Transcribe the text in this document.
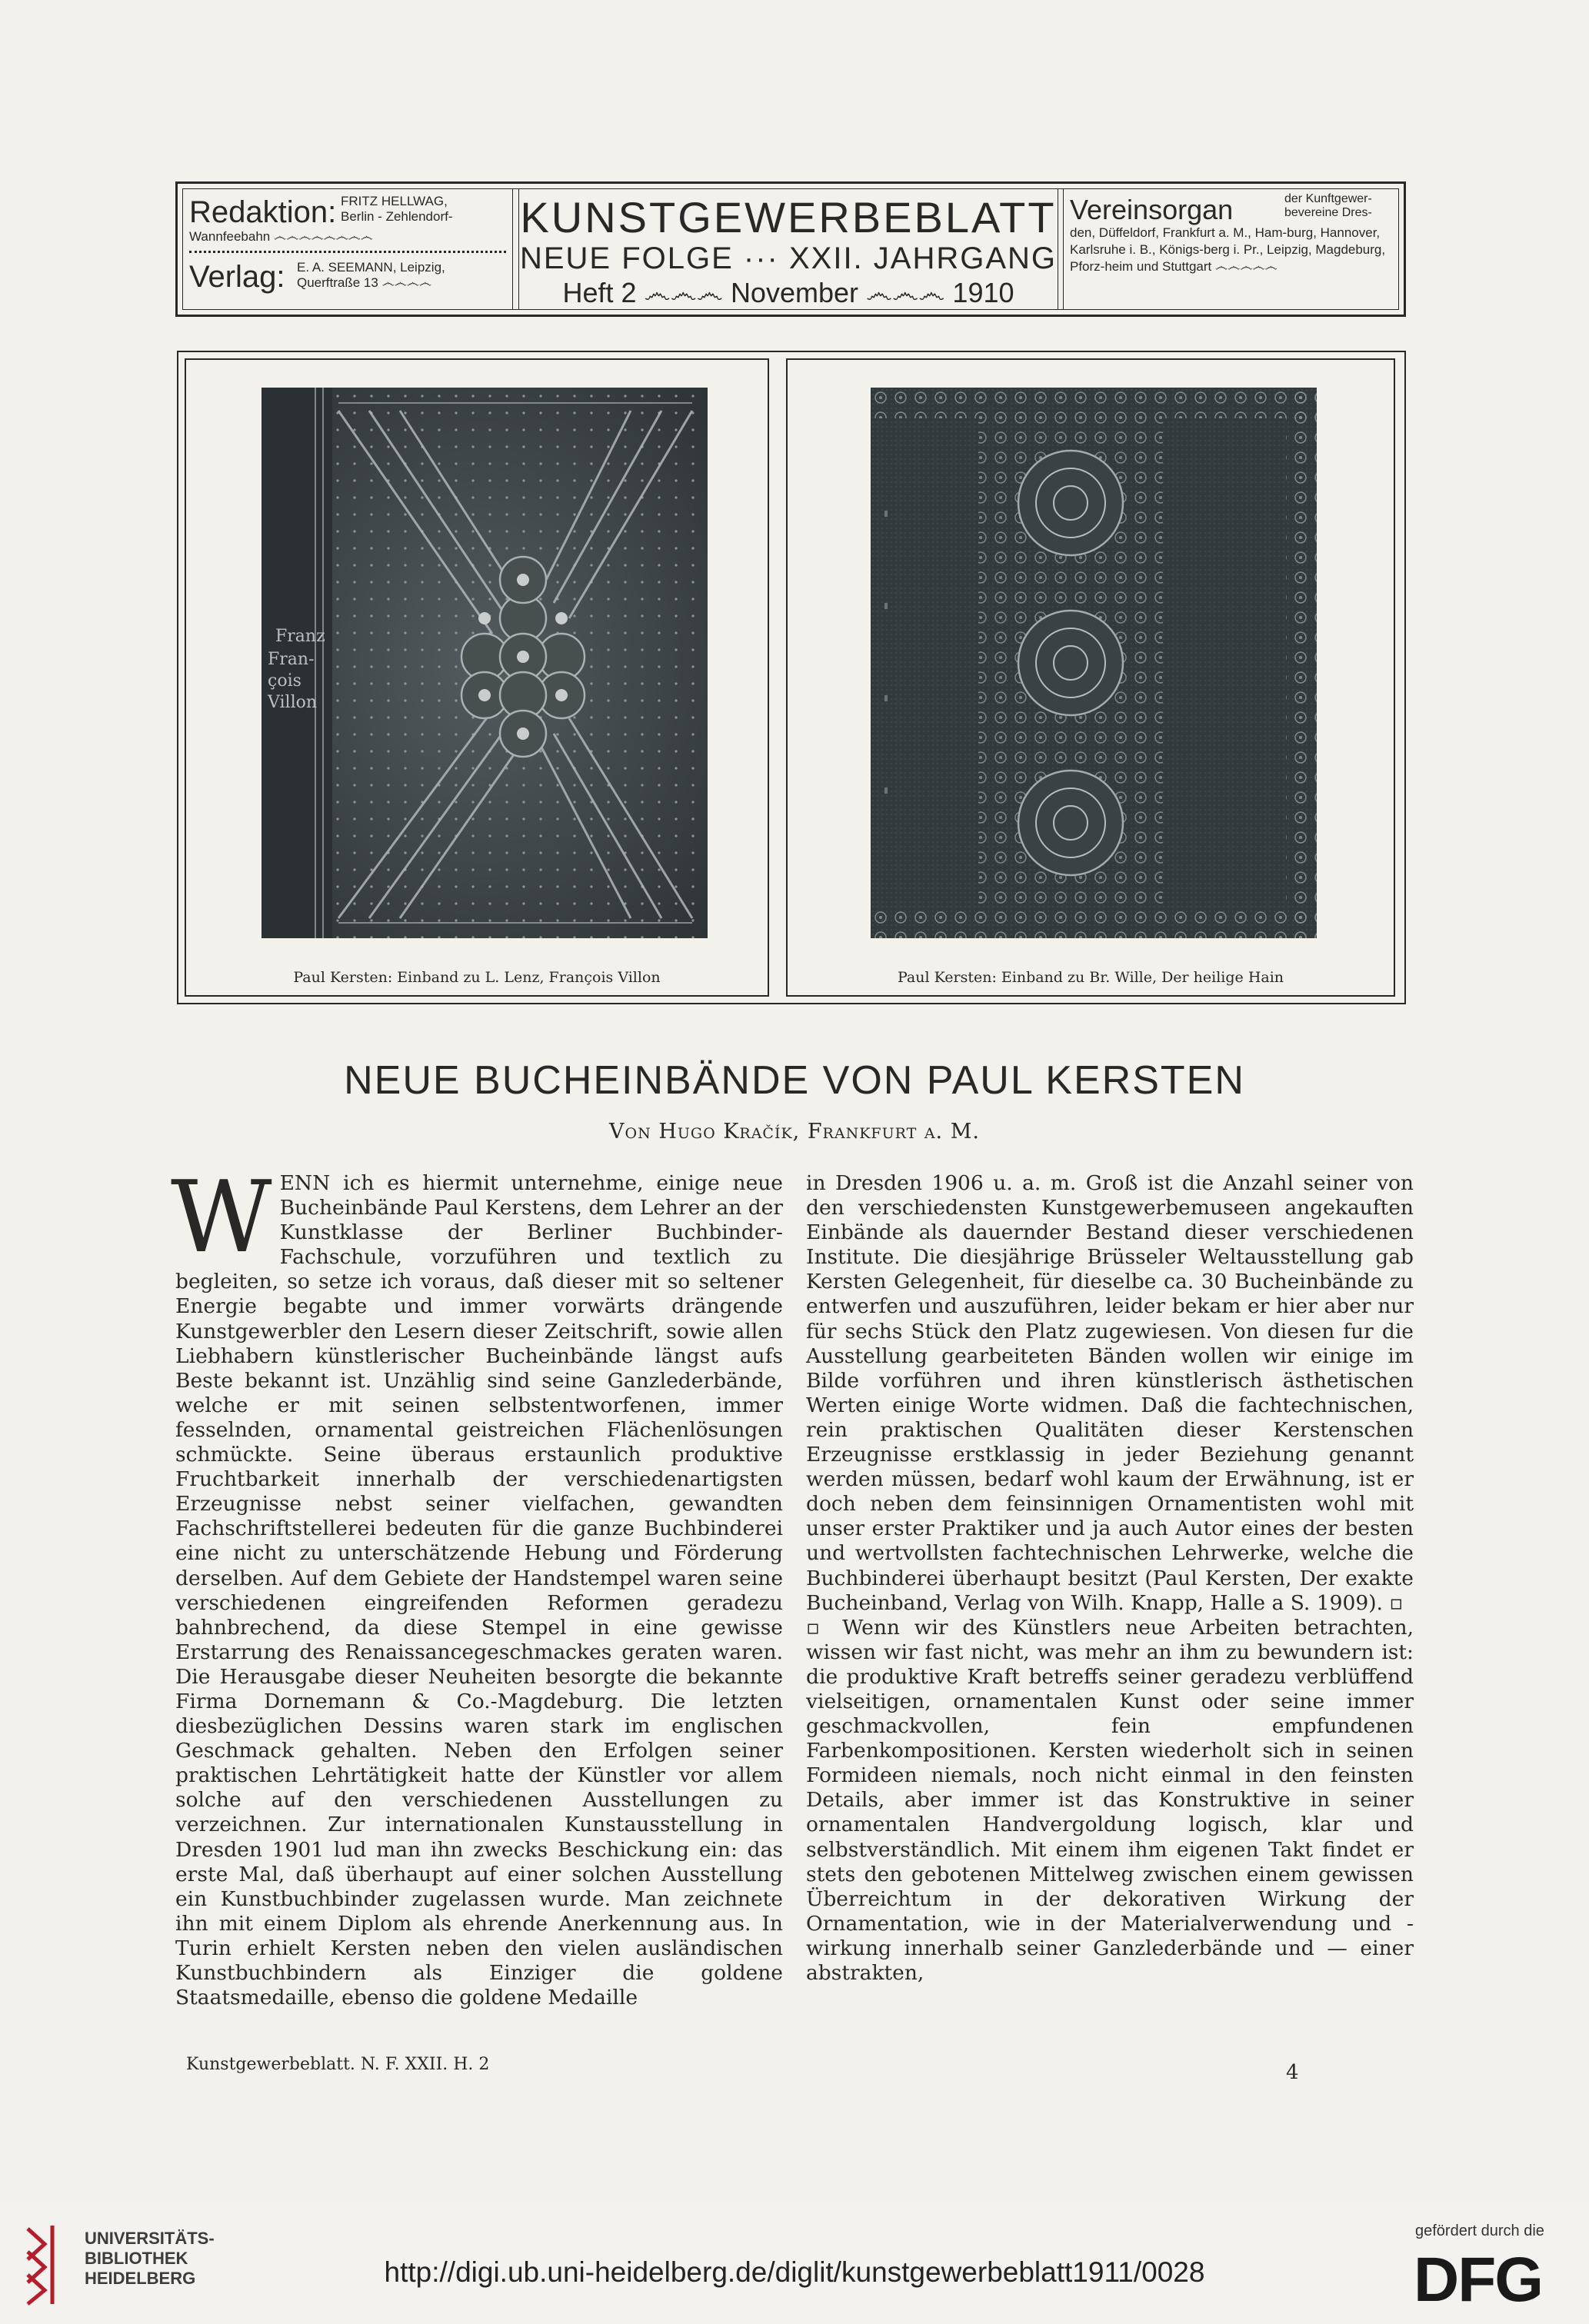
Redaktion: FRITZ HELLWAG,
Berlin - Zehlendorf-
Wannfeebahn ෴෴෴෴෴෴෴෴
Verlag: E. A. SEEMANN, Leipzig,
Querftraße 13 ෴෴෴෴
KUNSTGEWERBEBLATT
NEUE FOLGE ··· XXII. JAHRGANG
Heft 2 ෴෴෴ November ෴෴෴ 1910
Vereinsorgan	der Kunftgewer-bevereine Dres-
den, Düffeldorf, Frankfurt a. M., Ham-burg, Hannover, Karlsruhe i. B., Königs-berg i. Pr., Leipzig, Magdeburg, Pforz-heim und Stuttgart ෴෴෴෴෴
Franz
Fran-
çois
Villon
Paul Kersten: Einband zu L. Lenz, François Villon	Paul Kersten: Einband zu Br. Wille, Der heilige Hain
NEUE BUCHEINBÄNDE VON PAUL KERSTEN
Von Hugo Kračík, Frankfurt a. M.

WENN ich es hiermit unternehme, einige neue Bucheinbände Paul Kerstens, dem Lehrer an der Kunstklasse der Berliner Buchbinder-Fachschule, vorzuführen und textlich zu begleiten, so setze ich voraus, daß dieser mit so seltener Energie begabte und immer vorwärts drängende Kunstgewerbler den Lesern dieser Zeitschrift, sowie allen Liebhabern künstlerischer Bucheinbände längst aufs Beste bekannt ist. Unzählig sind seine Ganzlederbände, welche er mit seinen selbstentworfenen, immer fesselnden, ornamental geistreichen Flächenlösungen schmückte. Seine überaus erstaunlich produktive Fruchtbarkeit innerhalb der verschiedenartigsten Erzeugnisse nebst seiner vielfachen, gewandten Fachschriftstellerei bedeuten für die ganze Buchbinderei eine nicht zu unterschätzende Hebung und Förderung derselben. Auf dem Gebiete der Handstempel waren seine verschiedenen eingreifenden Reformen geradezu bahnbrechend, da diese Stempel in eine gewisse Erstarrung des Renaissancegeschmackes geraten waren. Die Herausgabe dieser Neuheiten besorgte die bekannte Firma Dornemann & Co.-Magdeburg. Die letzten diesbezüglichen Dessins waren stark im englischen Geschmack gehalten. Neben den Erfolgen seiner praktischen Lehrtätigkeit hatte der Künstler vor allem solche auf den verschiedenen Ausstellungen zu verzeichnen. Zur internationalen Kunstausstellung in Dresden 1901 lud man ihn zwecks Beschickung ein: das erste Mal, daß überhaupt auf einer solchen Ausstellung ein Kunstbuchbinder zugelassen wurde. Man zeichnete ihn mit einem Diplom als ehrende Anerkennung aus. In Turin erhielt Kersten neben den vielen ausländischen Kunstbuchbindern als Einziger die goldene Staatsmedaille, ebenso die goldene Medaille

in Dresden 1906 u. a. m. Groß ist die Anzahl seiner von den verschiedensten Kunstgewerbemuseen angekauften Einbände als dauernder Bestand dieser verschiedenen Institute. Die diesjährige Brüsseler Weltausstellung gab Kersten Gelegenheit, für dieselbe ca. 30 Bucheinbände zu entwerfen und auszuführen, leider bekam er hier aber nur für sechs Stück den Platz zugewiesen. Von diesen fur die Ausstellung gearbeiteten Bänden wollen wir einige im Bilde vorführen und ihren künstlerisch ästhetischen Werten einige Worte widmen. Daß die fachtechnischen, rein praktischen Qualitäten dieser Kerstenschen Erzeugnisse erstklassig in jeder Beziehung genannt werden müssen, bedarf wohl kaum der Erwähnung, ist er doch neben dem feinsinnigen Ornamentisten wohl mit unser erster Praktiker und ja auch Autor eines der besten und wertvollsten fachtechnischen Lehrwerke, welche die Buchbinderei überhaupt besitzt (Paul Kersten, Der exakte Bucheinband, Verlag von Wilh. Knapp, Halle a S. 1909). ▫

▫ Wenn wir des Künstlers neue Arbeiten betrachten, wissen wir fast nicht, was mehr an ihm zu bewundern ist: die produktive Kraft betreffs seiner geradezu verblüffend vielseitigen, ornamentalen Kunst oder seine immer geschmackvollen, fein empfundenen Farbenkompositionen. Kersten wiederholt sich in seinen Formideen niemals, noch nicht einmal in den feinsten Details, aber immer ist das Konstruktive in seiner ornamentalen Handvergoldung logisch, klar und selbstverständlich. Mit einem ihm eigenen Takt findet er stets den gebotenen Mittelweg zwischen einem gewissen Überreichtum in der dekorativen Wirkung der Ornamentation, wie in der Materialverwendung und -wirkung innerhalb seiner Ganzlederbände und — einer abstrakten,

Kunstgewerbeblatt. N. F. XXII. H. 2	4
UNIVERSITÄTS-
BIBLIOTHEK
HEIDELBERG	http://digi.ub.uni-heidelberg.de/diglit/kunstgewerbeblatt1911/0028
gefördert durch die
DFG
